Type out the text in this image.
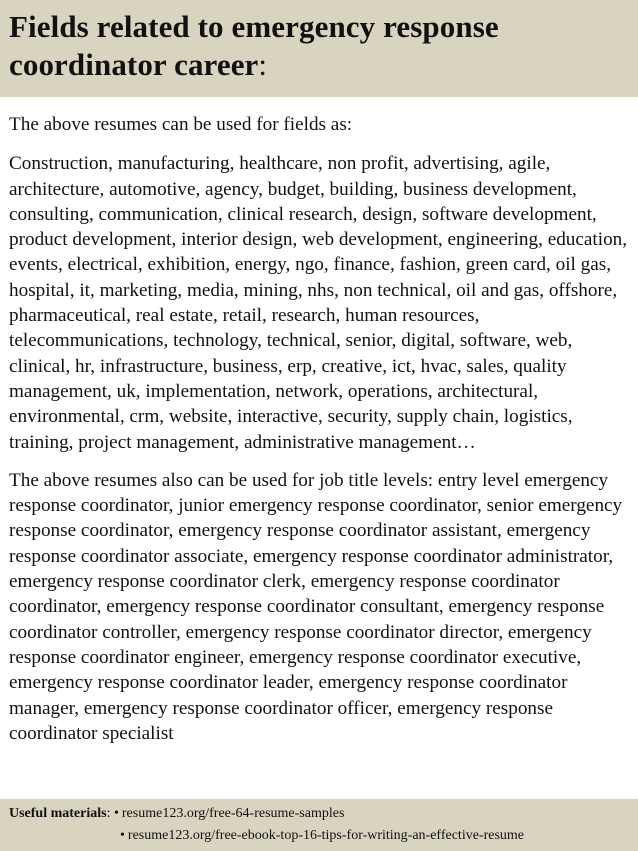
Fields related to emergency response coordinator career:

The above resumes can be used for fields as:

Construction, manufacturing, healthcare, non profit, advertising, agile, architecture, automotive, agency, budget, building, business development, consulting, communication, clinical research, design, software development, product development, interior design, web development, engineering, education, events, electrical, exhibition, energy, ngo, finance, fashion, green card, oil gas, hospital, it, marketing, media, mining, nhs, non technical, oil and gas, offshore, pharmaceutical, real estate, retail, research, human resources, telecommunications, technology, technical, senior, digital, software, web, clinical, hr, infrastructure, business, erp, creative, ict, hvac, sales, quality management, uk, implementation, network, operations, architectural, environmental, crm, website, interactive, security, supply chain, logistics, training, project management, administrative management…

The above resumes also can be used for job title levels: entry level emergency response coordinator, junior emergency response coordinator, senior emergency response coordinator, emergency response coordinator assistant, emergency response coordinator associate, emergency response coordinator administrator, emergency response coordinator clerk, emergency response coordinator coordinator, emergency response coordinator consultant, emergency response coordinator controller, emergency response coordinator director, emergency response coordinator engineer, emergency response coordinator executive, emergency response coordinator leader, emergency response coordinator manager, emergency response coordinator officer, emergency response coordinator specialist

Useful materials: • resume123.org/free-64-resume-samples
• resume123.org/free-ebook-top-16-tips-for-writing-an-effective-resume
